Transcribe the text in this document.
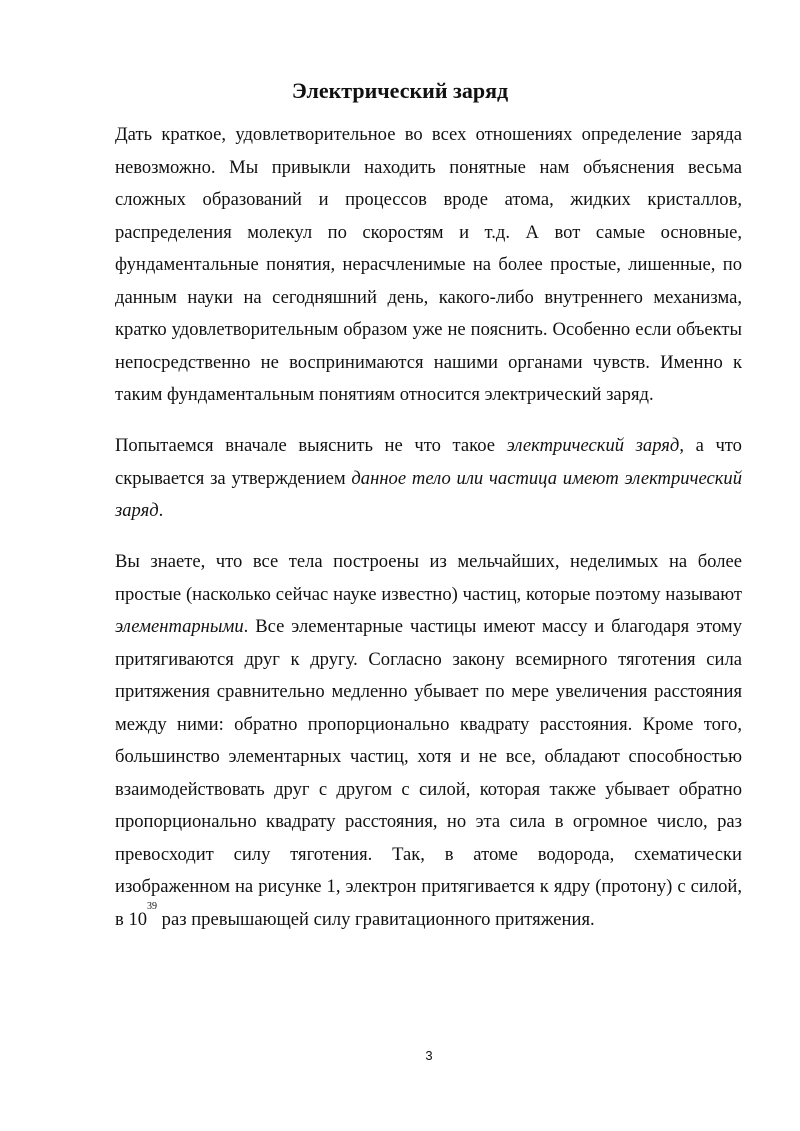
Электрический заряд

Дать краткое, удовлетворительное во всех отношениях определение заряда невозможно. Мы привыкли находить понятные нам объяснения весьма сложных образований и процессов вроде атома, жидких кристаллов, распределения молекул по скоростям и т.д. А вот самые основные, фундаментальные понятия, нерасчленимые на более простые, лишенные, по данным науки на сегодняшний день, какого-либо внутреннего механизма, кратко удовлетворительным образом уже не пояснить. Особенно если объекты непосредственно не воспринимаются нашими органами чувств. Именно к таким фундаментальным понятиям относится электрический заряд.

Попытаемся вначале выяснить не что такое электрический заряд, а что скрывается за утверждением данное тело или частица имеют электрический заряд.

Вы знаете, что все тела построены из мельчайших, неделимых на более простые (насколько сейчас науке известно) частиц, которые поэтому называют элементарными. Все элементарные частицы имеют массу и благодаря этому притягиваются друг к другу. Согласно закону всемирного тяготения сила притяжения сравнительно медленно убывает по мере увеличения расстояния между ними: обратно пропорционально квадрату расстояния. Кроме того, большинство элементарных частиц, хотя и не все, обладают способностью взаимодействовать друг с другом с силой, которая также убывает обратно пропорционально квадрату расстояния, но эта сила в огромное число, раз превосходит силу тяготения. Так, в атоме водорода, схематически изображенном на рисунке 1, электрон притягивается к ядру (протону) с силой, в $10^{39}$ раз превышающей силу гравитационного притяжения.

3
